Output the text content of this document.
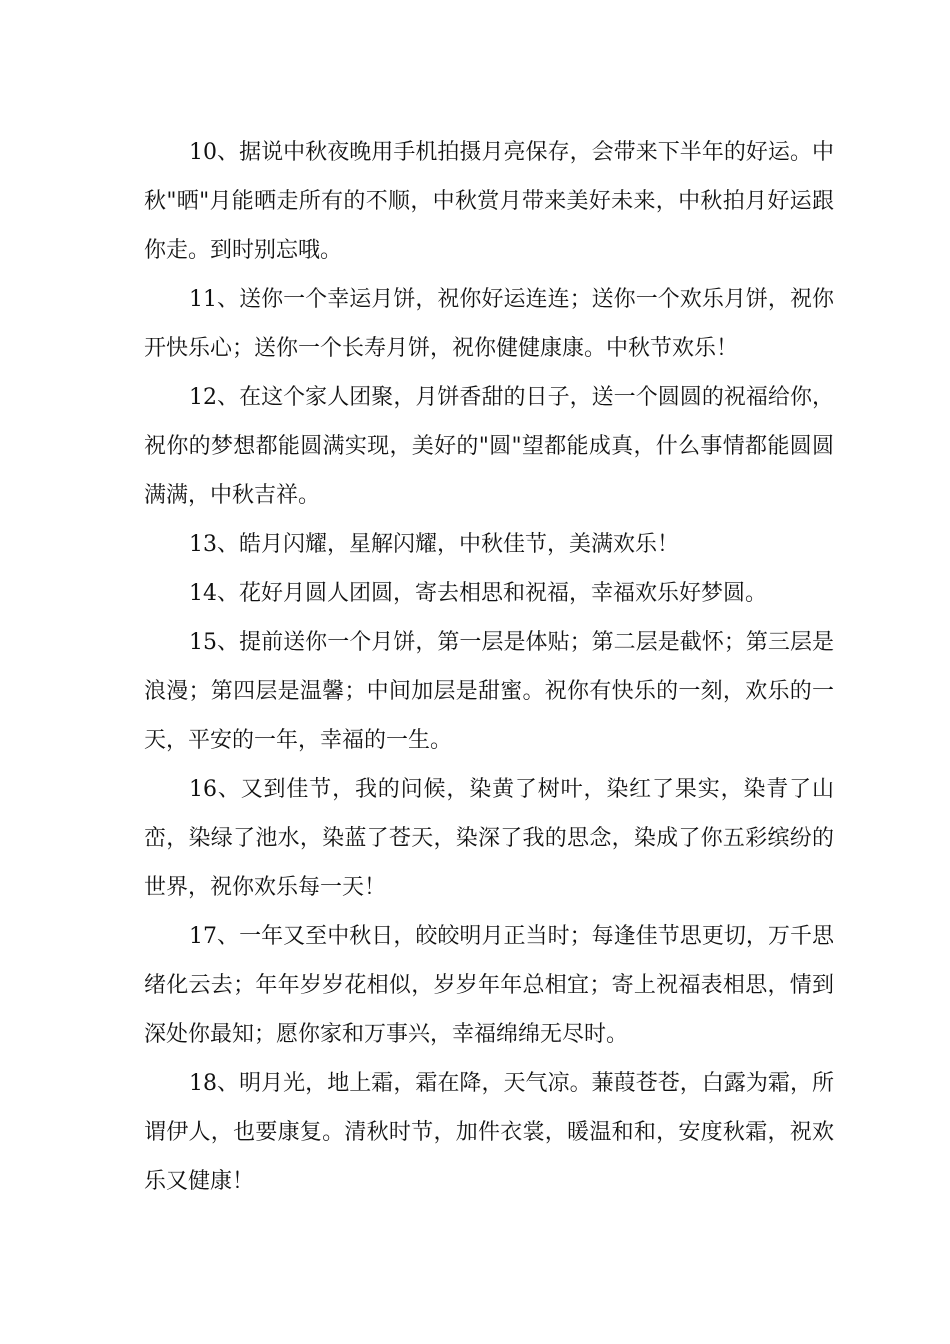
10、据说中秋夜晚用手机拍摄月亮保存，会带来下半年的好运。中秋"晒"月能晒走所有的不顺，中秋赏月带来美好未来，中秋拍月好运跟你走。到时别忘哦。

11、送你一个幸运月饼，祝你好运连连；送你一个欢乐月饼，祝你开快乐心；送你一个长寿月饼，祝你健健康康。中秋节欢乐！

12、在这个家人团聚，月饼香甜的日子，送一个圆圆的祝福给你，祝你的梦想都能圆满实现，美好的"圆"望都能成真，什么事情都能圆圆满满，中秋吉祥。

13、皓月闪耀，星解闪耀，中秋佳节，美满欢乐！

14、花好月圆人团圆，寄去相思和祝福，幸福欢乐好梦圆。

15、提前送你一个月饼，第一层是体贴；第二层是截怀；第三层是浪漫；第四层是温馨；中间加层是甜蜜。祝你有快乐的一刻，欢乐的一天，平安的一年，幸福的一生。

16、又到佳节，我的问候，染黄了树叶，染红了果实，染青了山峦，染绿了池水，染蓝了苍天，染深了我的思念，染成了你五彩缤纷的世界，祝你欢乐每一天！

17、一年又至中秋日，皎皎明月正当时；每逢佳节思更切，万千思绪化云去；年年岁岁花相似，岁岁年年总相宜；寄上祝福表相思，情到深处你最知；愿你家和万事兴，幸福绵绵无尽时。

18、明月光，地上霜，霜在降，天气凉。蒹葭苍苍，白露为霜，所谓伊人，也要康复。清秋时节，加件衣裳，暖温和和，安度秋霜，祝欢乐又健康！
